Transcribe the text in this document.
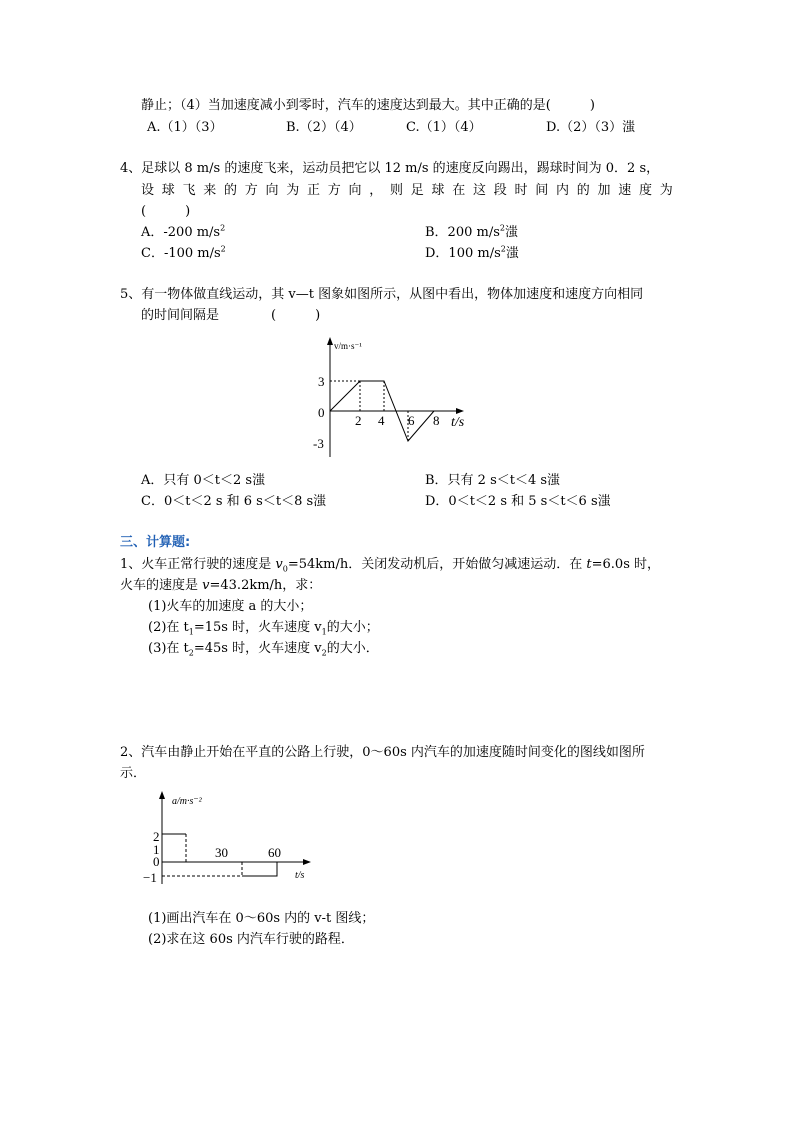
静止；（4）当加速度减小到零时，汽车的速度达到最大。其中正确的是(　　　)
A.（1）（3）	B.（2）（4）	C.（1）（4）	D.（2）（3）滍
4、足球以 8 m/s 的速度飞来，运动员把它以 12 m/s 的速度反向踢出，踢球时间为 0．2 s，
设 球 飞 来 的 方 向 为 正 方 向 ， 则 足 球 在 这 段 时 间 内 的 加 速 度 为
(　　　)
A．-200 $m/s^2$	B．200 $m/s^2$滍
C．-100 $m/s^2$	D．100 $m/s^2$滍
5、有一物体做直线运动，其 v—t 图象如图所示，从图中看出，物体加速度和速度方向相同
的时间间隔是　　　　(　　　)
v/m·s⁻¹
t/s
3
0
-3
2 4 6 8
A．只有 0＜t＜2 s滍	B．只有 2 s＜t＜4 s滍
C．0＜t＜2 s 和 6 s＜t＜8 s滍	D．0＜t＜2 s 和 5 s＜t＜6 s滍
三、计算题:
1、火车正常行驶的速度是 $v_0=54km/h$．关闭发动机后，开始做匀减速运动．在 t=6.0s 时，
火车的速度是 v=43.2km/h，求：
(1)火车的加速度 a 的大小；
(2)在 $t_1=15s$ 时，火车速度 $v_1$的大小；
(3)在 $t_2=45s$ 时，火车速度 $v_2$的大小．
2、汽车由静止开始在平直的公路上行驶，0～60s 内汽车的加速度随时间变化的图线如图所
示．
a/m·s⁻²
t/s
2
1
0
−1
30	60
(1)画出汽车在 0～60s 内的 v-t 图线；
(2)求在这 60s 内汽车行驶的路程．
